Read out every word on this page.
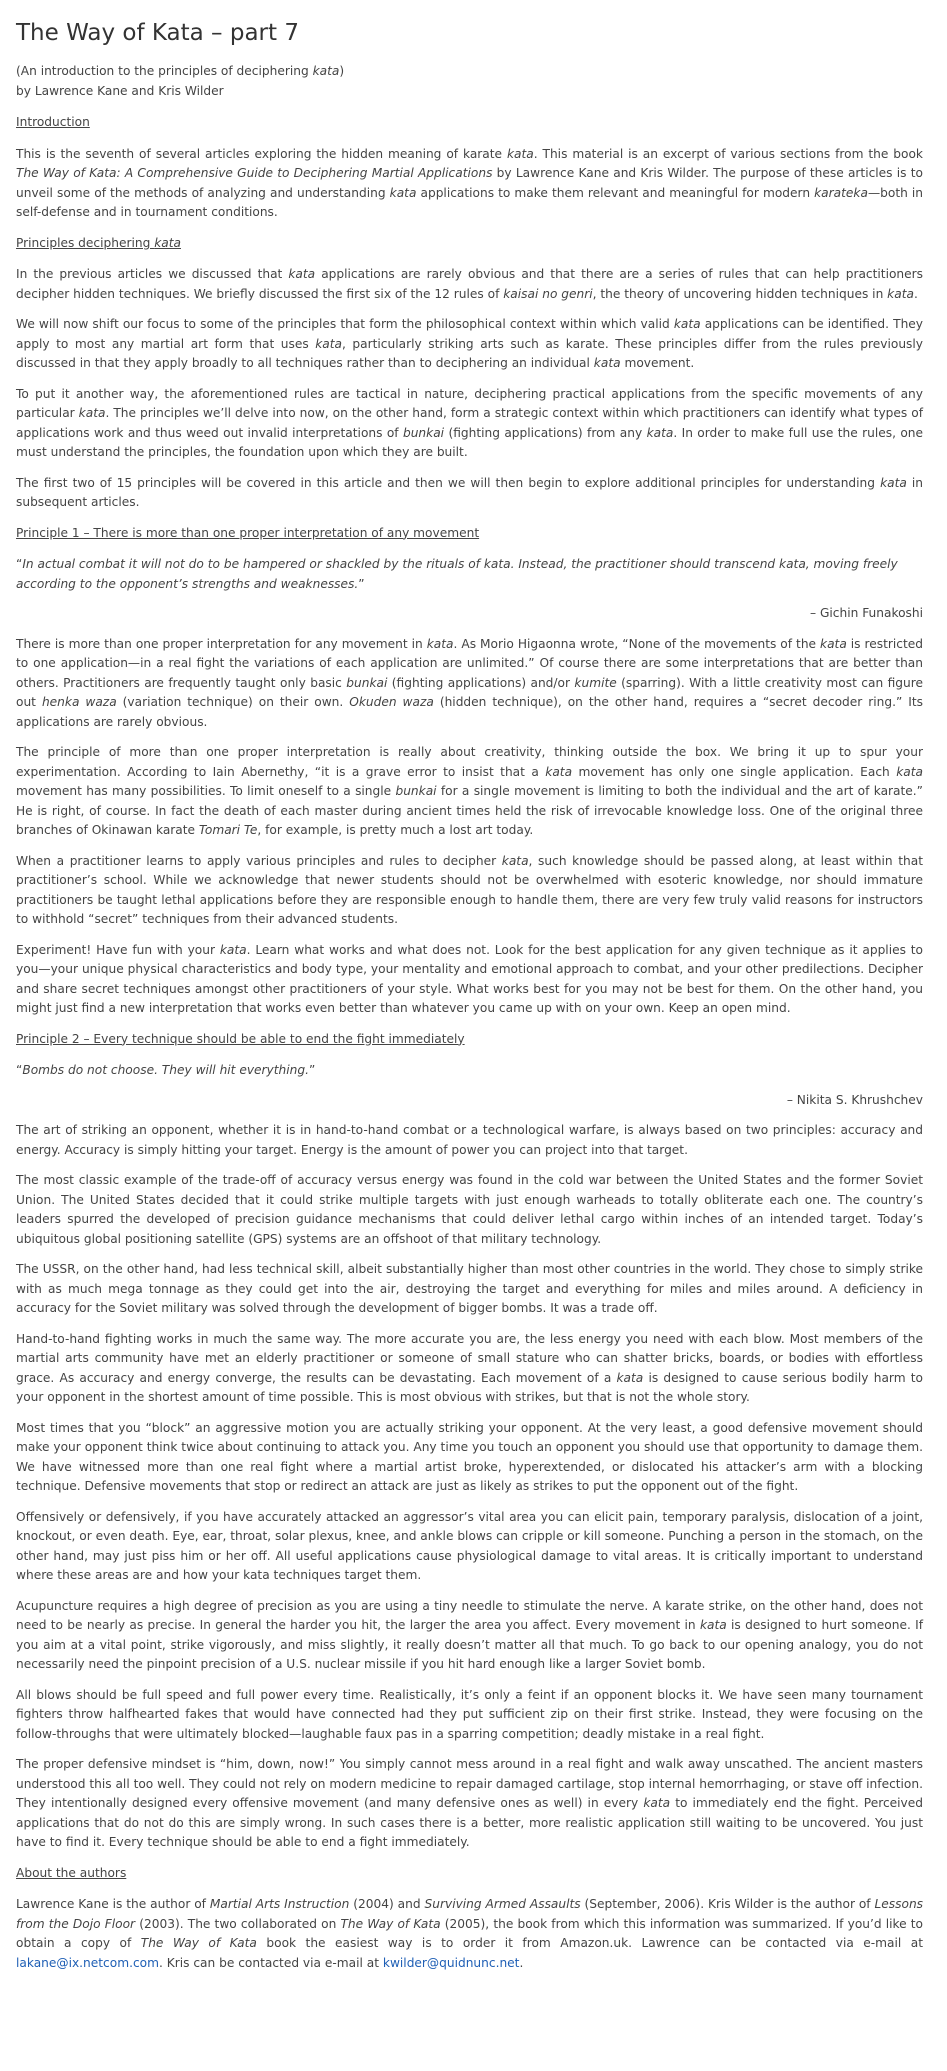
The Way of Kata – part 7

(An introduction to the principles of deciphering kata)
by Lawrence Kane and Kris Wilder

Introduction

This is the seventh of several articles exploring the hidden meaning of karate kata. This material is an excerpt of various sections from the book The Way of Kata: A Comprehensive Guide to Deciphering Martial Applications by Lawrence Kane and Kris Wilder. The purpose of these articles is to unveil some of the methods of analyzing and understanding kata applications to make them relevant and meaningful for modern karateka—both in self-defense and in tournament conditions.

Principles deciphering kata

In the previous articles we discussed that kata applications are rarely obvious and that there are a series of rules that can help practitioners decipher hidden techniques. We briefly discussed the first six of the 12 rules of kaisai no genri, the theory of uncovering hidden techniques in kata.

We will now shift our focus to some of the principles that form the philosophical context within which valid kata applications can be identified. They apply to most any martial art form that uses kata, particularly striking arts such as karate. These principles differ from the rules previously discussed in that they apply broadly to all techniques rather than to deciphering an individual kata movement.

To put it another way, the aforementioned rules are tactical in nature, deciphering practical applications from the specific movements of any particular kata. The principles we’ll delve into now, on the other hand, form a strategic context within which practitioners can identify what types of applications work and thus weed out invalid interpretations of bunkai (fighting applications) from any kata. In order to make full use the rules, one must understand the principles, the foundation upon which they are built.

The first two of 15 principles will be covered in this article and then we will then begin to explore additional principles for understanding kata in subsequent articles.

Principle 1 – There is more than one proper interpretation of any movement

“In actual combat it will not do to be hampered or shackled by the rituals of kata. Instead, the practitioner should transcend kata, moving freely according to the opponent’s strengths and weaknesses.”

– Gichin Funakoshi

There is more than one proper interpretation for any movement in kata. As Morio Higaonna wrote, “None of the movements of the kata is restricted to one application—in a real fight the variations of each application are unlimited.” Of course there are some interpretations that are better than others. Practitioners are frequently taught only basic bunkai (fighting applications) and/or kumite (sparring). With a little creativity most can figure out henka waza (variation technique) on their own. Okuden waza (hidden technique), on the other hand, requires a “secret decoder ring.” Its applications are rarely obvious.

The principle of more than one proper interpretation is really about creativity, thinking outside the box. We bring it up to spur your experimentation. According to Iain Abernethy, “it is a grave error to insist that a kata movement has only one single application. Each kata movement has many possibilities. To limit oneself to a single bunkai for a single movement is limiting to both the individual and the art of karate.” He is right, of course. In fact the death of each master during ancient times held the risk of irrevocable knowledge loss. One of the original three branches of Okinawan karate Tomari Te, for example, is pretty much a lost art today.

When a practitioner learns to apply various principles and rules to decipher kata, such knowledge should be passed along, at least within that practitioner’s school. While we acknowledge that newer students should not be overwhelmed with esoteric knowledge, nor should immature practitioners be taught lethal applications before they are responsible enough to handle them, there are very few truly valid reasons for instructors to withhold “secret” techniques from their advanced students.

Experiment! Have fun with your kata. Learn what works and what does not. Look for the best application for any given technique as it applies to you—your unique physical characteristics and body type, your mentality and emotional approach to combat, and your other predilections. Decipher and share secret techniques amongst other practitioners of your style. What works best for you may not be best for them. On the other hand, you might just find a new interpretation that works even better than whatever you came up with on your own. Keep an open mind.

Principle 2 – Every technique should be able to end the fight immediately

“Bombs do not choose. They will hit everything.”

– Nikita S. Khrushchev

The art of striking an opponent, whether it is in hand-to-hand combat or a technological warfare, is always based on two principles: accuracy and energy. Accuracy is simply hitting your target. Energy is the amount of power you can project into that target.

The most classic example of the trade-off of accuracy versus energy was found in the cold war between the United States and the former Soviet Union. The United States decided that it could strike multiple targets with just enough warheads to totally obliterate each one. The country’s leaders spurred the developed of precision guidance mechanisms that could deliver lethal cargo within inches of an intended target. Today’s ubiquitous global positioning satellite (GPS) systems are an offshoot of that military technology.

The USSR, on the other hand, had less technical skill, albeit substantially higher than most other countries in the world. They chose to simply strike with as much mega tonnage as they could get into the air, destroying the target and everything for miles and miles around. A deficiency in accuracy for the Soviet military was solved through the development of bigger bombs. It was a trade off.

Hand-to-hand fighting works in much the same way. The more accurate you are, the less energy you need with each blow. Most members of the martial arts community have met an elderly practitioner or someone of small stature who can shatter bricks, boards, or bodies with effortless grace. As accuracy and energy converge, the results can be devastating. Each movement of a kata is designed to cause serious bodily harm to your opponent in the shortest amount of time possible. This is most obvious with strikes, but that is not the whole story.

Most times that you “block” an aggressive motion you are actually striking your opponent. At the very least, a good defensive movement should make your opponent think twice about continuing to attack you. Any time you touch an opponent you should use that opportunity to damage them. We have witnessed more than one real fight where a martial artist broke, hyperextended, or dislocated his attacker’s arm with a blocking technique. Defensive movements that stop or redirect an attack are just as likely as strikes to put the opponent out of the fight.

Offensively or defensively, if you have accurately attacked an aggressor’s vital area you can elicit pain, temporary paralysis, dislocation of a joint, knockout, or even death. Eye, ear, throat, solar plexus, knee, and ankle blows can cripple or kill someone. Punching a person in the stomach, on the other hand, may just piss him or her off. All useful applications cause physiological damage to vital areas. It is critically important to understand where these areas are and how your kata techniques target them.

Acupuncture requires a high degree of precision as you are using a tiny needle to stimulate the nerve. A karate strike, on the other hand, does not need to be nearly as precise. In general the harder you hit, the larger the area you affect. Every movement in kata is designed to hurt someone. If you aim at a vital point, strike vigorously, and miss slightly, it really doesn’t matter all that much. To go back to our opening analogy, you do not necessarily need the pinpoint precision of a U.S. nuclear missile if you hit hard enough like a larger Soviet bomb.

All blows should be full speed and full power every time. Realistically, it’s only a feint if an opponent blocks it. We have seen many tournament fighters throw halfhearted fakes that would have connected had they put sufficient zip on their first strike. Instead, they were focusing on the follow-throughs that were ultimately blocked—laughable faux pas in a sparring competition; deadly mistake in a real fight.

The proper defensive mindset is “him, down, now!” You simply cannot mess around in a real fight and walk away unscathed. The ancient masters understood this all too well. They could not rely on modern medicine to repair damaged cartilage, stop internal hemorrhaging, or stave off infection. They intentionally designed every offensive movement (and many defensive ones as well) in every kata to immediately end the fight. Perceived applications that do not do this are simply wrong. In such cases there is a better, more realistic application still waiting to be uncovered. You just have to find it. Every technique should be able to end a fight immediately.

About the authors

Lawrence Kane is the author of Martial Arts Instruction (2004) and Surviving Armed Assaults (September, 2006). Kris Wilder is the author of Lessons from the Dojo Floor (2003). The two collaborated on The Way of Kata (2005), the book from which this information was summarized. If you’d like to obtain a copy of The Way of Kata book the easiest way is to order it from Amazon.uk. Lawrence can be contacted via e-mail at lakane@ix.netcom.com. Kris can be contacted via e-mail at kwilder@quidnunc.net.
